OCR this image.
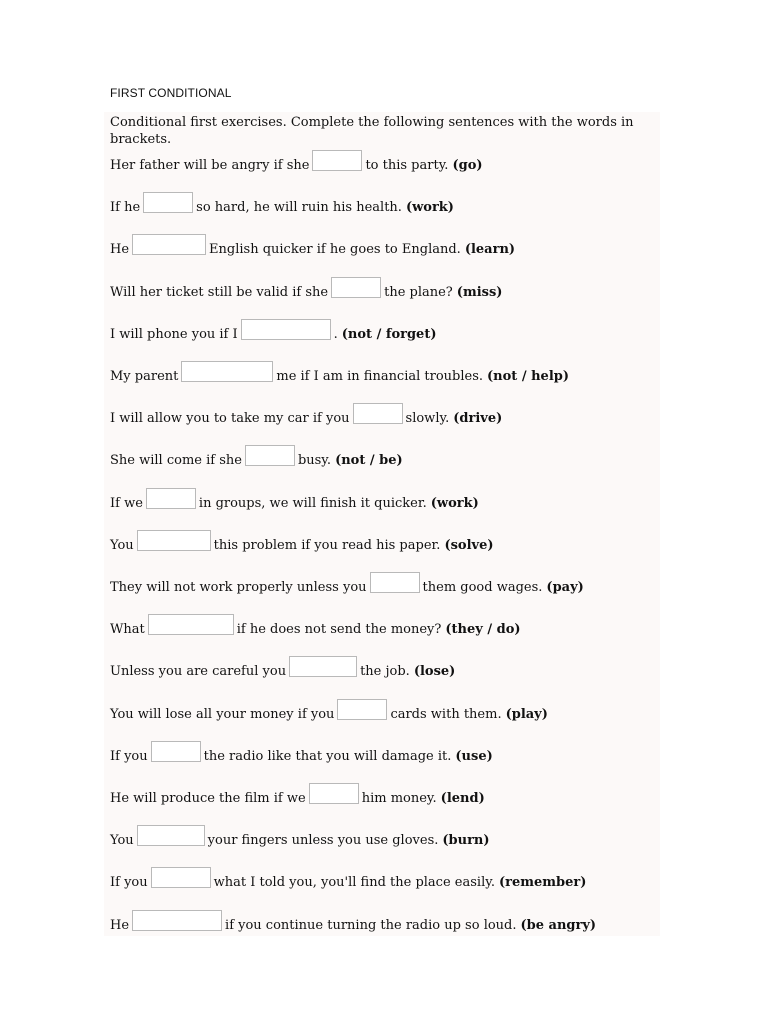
FIRST CONDITIONAL
Conditional first exercises. Complete the following sentences with the words in brackets.
Her father will be angry if she	to this party. (go)
If he	so hard, he will ruin his health. (work)
He	English quicker if he goes to England. (learn)
Will her ticket still be valid if she	the plane? (miss)
I will phone you if I	. (not / forget)
My parent	me if I am in financial troubles. (not / help)
I will allow you to take my car if you	slowly. (drive)
She will come if she	busy. (not / be)
If we	in groups, we will finish it quicker. (work)
You	this problem if you read his paper. (solve)
They will not work properly unless you	them good wages. (pay)
What	if he does not send the money? (they / do)
Unless you are careful you	the job. (lose)
You will lose all your money if you	cards with them. (play)
If you	the radio like that you will damage it. (use)
He will produce the film if we	him money. (lend)
You	your fingers unless you use gloves. (burn)
If you	what I told you, you'll find the place easily. (remember)
He	if you continue turning the radio up so loud. (be angry)
